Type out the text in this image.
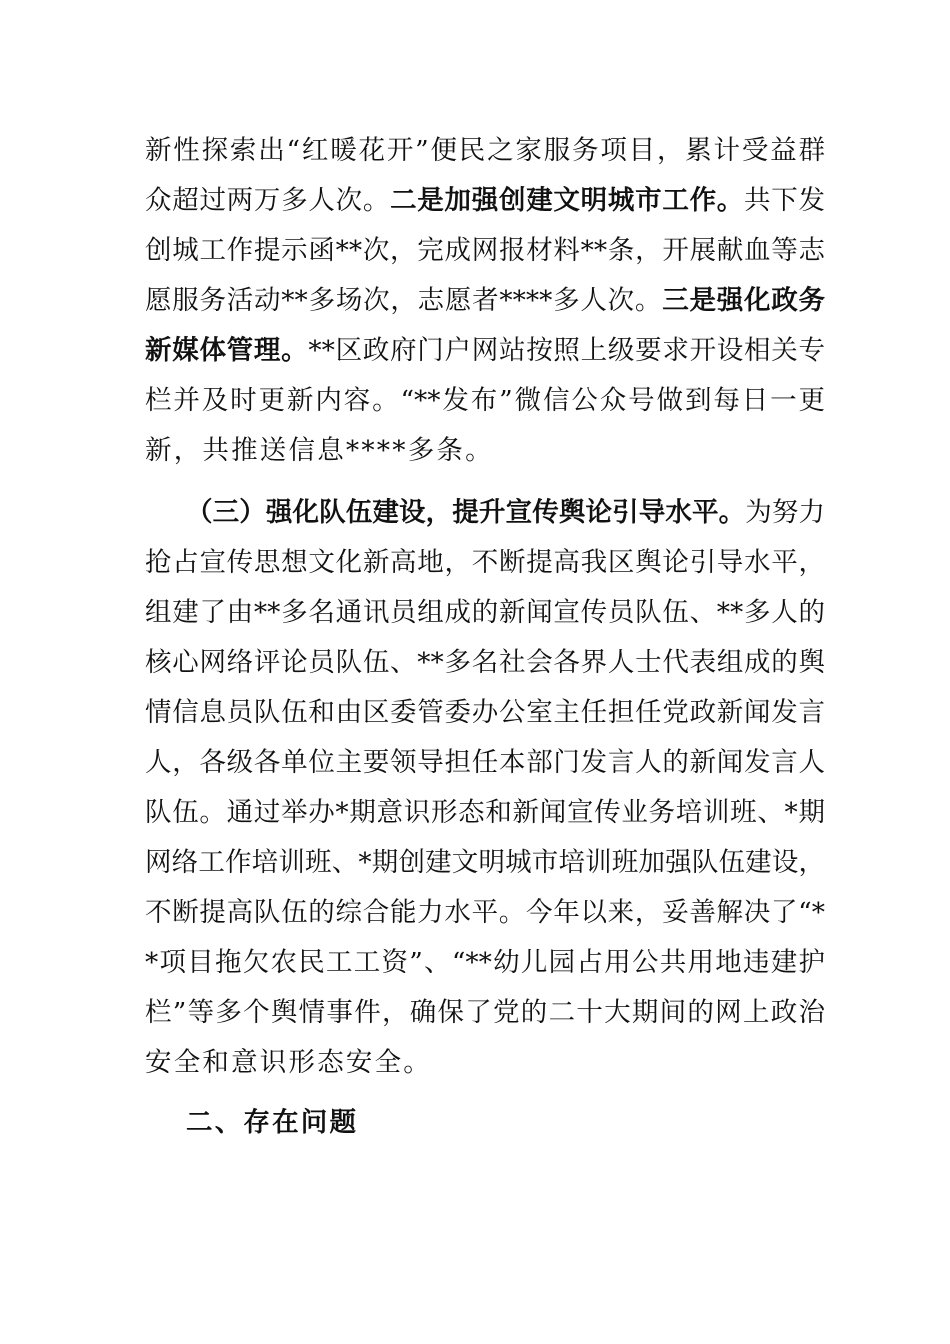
新性探索出“红暖花开”便民之家服务项目，累计受益群
众超过两万多人次。二是加强创建文明城市工作。共下发
创城工作提示函**次，完成网报材料**条，开展献血等志
愿服务活动**多场次，志愿者****多人次。三是强化政务
新媒体管理。**区政府门户网站按照上级要求开设相关专
栏并及时更新内容。“**发布”微信公众号做到每日一更
新，共推送信息****多条。
（三）强化队伍建设，提升宣传舆论引导水平。为努力
抢占宣传思想文化新高地，不断提高我区舆论引导水平，
组建了由**多名通讯员组成的新闻宣传员队伍、**多人的
核心网络评论员队伍、**多名社会各界人士代表组成的舆
情信息员队伍和由区委管委办公室主任担任党政新闻发言
人，各级各单位主要领导担任本部门发言人的新闻发言人
队伍。通过举办*期意识形态和新闻宣传业务培训班、*期
网络工作培训班、*期创建文明城市培训班加强队伍建设，
不断提高队伍的综合能力水平。今年以来，妥善解决了“*
*项目拖欠农民工工资”、“**幼儿园占用公共用地违建护
栏”等多个舆情事件，确保了党的二十大期间的网上政治
安全和意识形态安全。
二、存在问题
